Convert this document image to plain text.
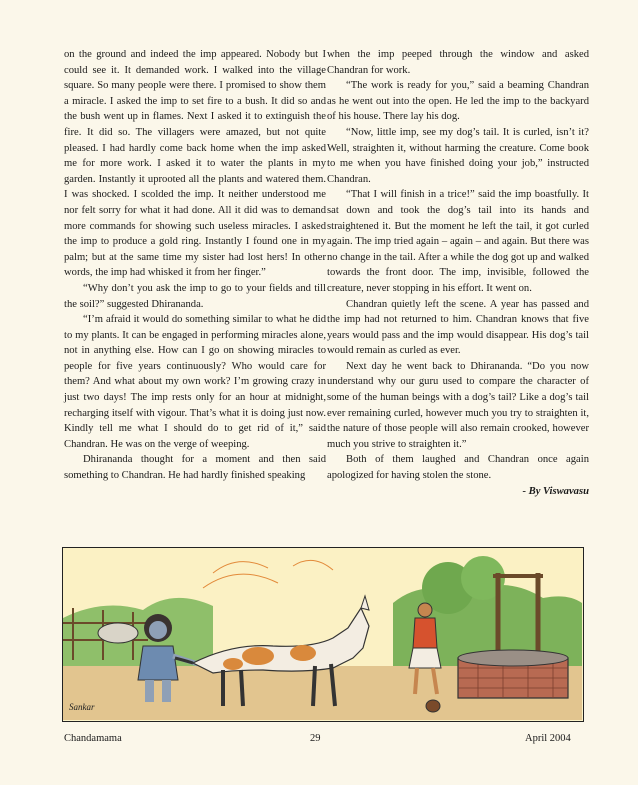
on the ground and indeed the imp appeared. Nobody but I could see it. It demanded work. I walked into the village square. So many people were there. I promised to show them a miracle. I asked the imp to set fire to a bush. It did so and the bush went up in flames. Next I asked it to extinguish the fire. It did so. The villagers were amazed, but not quite pleased. I had hardly come back home when the imp asked me for more work. I asked it to water the plants in my garden. Instantly it uprooted all the plants and watered them. I was shocked. I scolded the imp. It neither understood me nor felt sorry for what it had done. All it did was to demand more commands for showing such useless miracles. I asked the imp to produce a gold ring. Instantly I found one in my palm; but at the same time my sister had lost hers! In other words, the imp had whisked it from her finger.”

“Why don’t you ask the imp to go to your fields and till the soil?” suggested Dhirananda.

“I’m afraid it would do something similar to what he did to my plants. It can be engaged in performing miracles alone, not in anything else. How can I go on showing miracles to people for five years continuously? Who would care for them? And what about my own work? I’m growing crazy in just two days! The imp rests only for an hour at midnight, recharging itself with vigour. That’s what it is doing just now. Kindly tell me what I should do to get rid of it,” said Chandran. He was on the verge of weeping.

Dhirananda thought for a moment and then said something to Chandran. He had hardly finished speaking

when the imp peeped through the window and asked Chandran for work.

“The work is ready for you,” said a beaming Chandran as he went out into the open. He led the imp to the backyard of his house. There lay his dog.

“Now, little imp, see my dog’s tail. It is curled, isn’t it? Well, straighten it, without harming the creature. Come book to me when you have finished doing your job,” instructed Chandran.

“That I will finish in a trice!” said the imp boastfully. It sat down and took the dog’s tail into its hands and straightened it. But the moment he left the tail, it got curled again. The imp tried again – again – and again. But there was no change in the tail. After a while the dog got up and walked towards the front door. The imp, invisible, followed the creature, never stopping in his effort. It went on.

Chandran quietly left the scene. A year has passed and the imp had not returned to him. Chandran knows that five years would pass and the imp would disappear. His dog’s tail would remain as curled as ever.

Next day he went back to Dhirananda. “Do you now understand why our guru used to compare the character of some of the human beings with a dog’s tail? Like a dog’s tail ever remaining curled, however much you try to straighten it, the nature of those people will also remain crooked, however much you strive to straighten it.”

Both of them laughed and Chandran once again apologized for having stolen the stone.

- By Viswavasu

Sankar
Chandamama	29	April 2004
